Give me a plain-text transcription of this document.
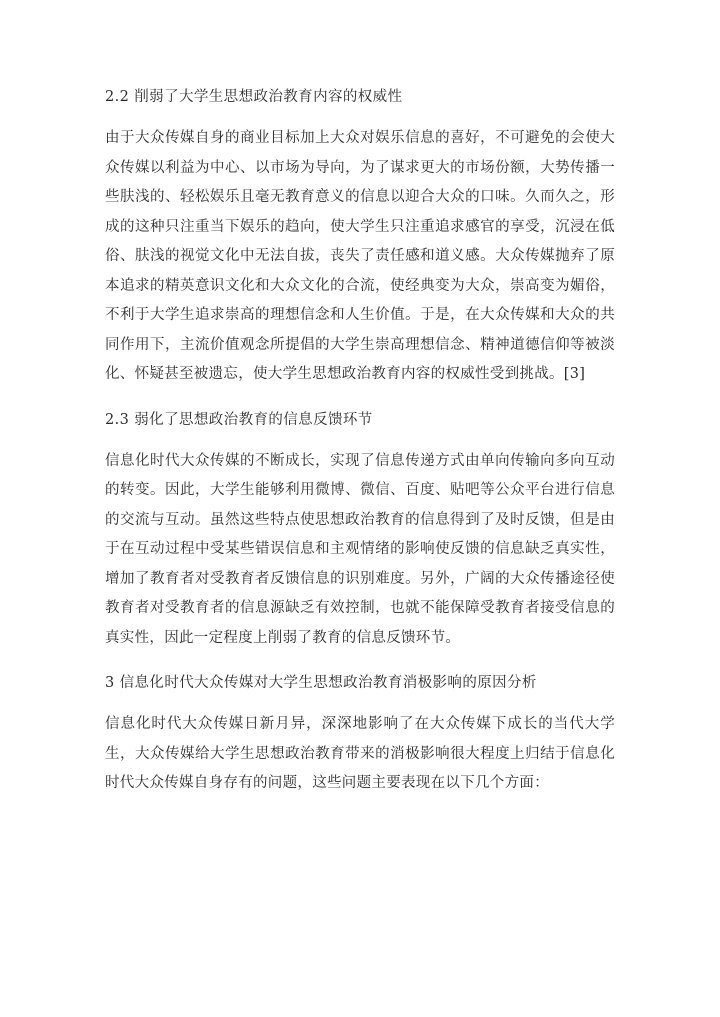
2.2 削弱了大学生思想政治教育内容的权威性
由于大众传媒自身的商业目标加上大众对娱乐信息的喜好，不可避免的会使大众传媒以利益为中心、以市场为导向，为了谋求更大的市场份额，大势传播一些肤浅的、轻松娱乐且毫无教育意义的信息以迎合大众的口味。久而久之，形成的这种只注重当下娱乐的趋向，使大学生只注重追求感官的享受，沉浸在低俗、肤浅的视觉文化中无法自拔，丧失了责任感和道义感。大众传媒抛弃了原本追求的精英意识文化和大众文化的合流，使经典变为大众，崇高变为媚俗，不利于大学生追求崇高的理想信念和人生价值。于是，在大众传媒和大众的共同作用下，主流价值观念所提倡的大学生崇高理想信念、精神道德信仰等被淡化、怀疑甚至被遗忘，使大学生思想政治教育内容的权威性受到挑战。[3]
2.3 弱化了思想政治教育的信息反馈环节
信息化时代大众传媒的不断成长，实现了信息传递方式由单向传输向多向互动的转变。因此，大学生能够利用微博、微信、百度、贴吧等公众平台进行信息的交流与互动。虽然这些特点使思想政治教育的信息得到了及时反馈，但是由于在互动过程中受某些错误信息和主观情绪的影响使反馈的信息缺乏真实性，增加了教育者对受教育者反馈信息的识别难度。另外，广阔的大众传播途径使教育者对受教育者的信息源缺乏有效控制，也就不能保障受教育者接受信息的真实性，因此一定程度上削弱了教育的信息反馈环节。
3 信息化时代大众传媒对大学生思想政治教育消极影响的原因分析
信息化时代大众传媒日新月异，深深地影响了在大众传媒下成长的当代大学生，大众传媒给大学生思想政治教育带来的消极影响很大程度上归结于信息化时代大众传媒自身存有的问题，这些问题主要表现在以下几个方面：
